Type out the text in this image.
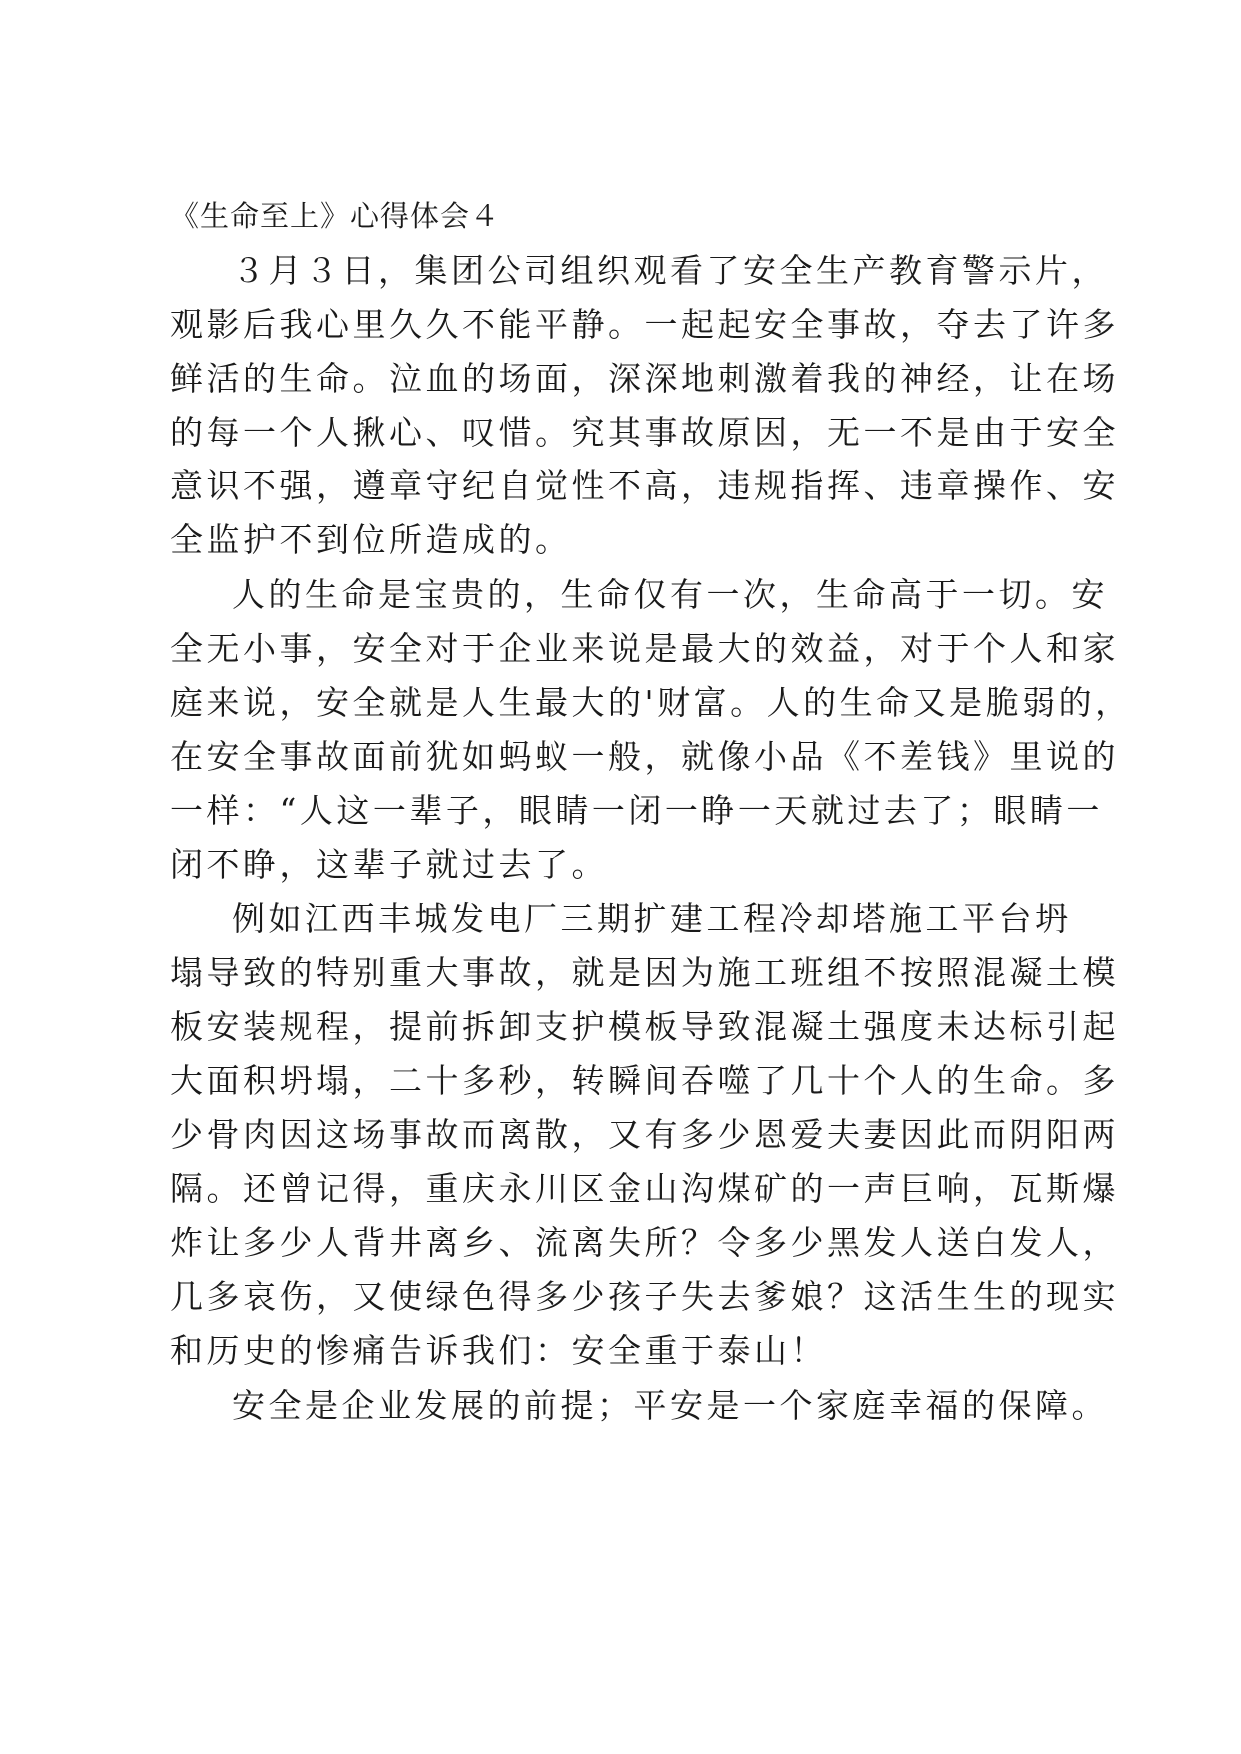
《生命至上》心得体会４
３月３日，集团公司组织观看了安全生产教育警示片，
观影后我心里久久不能平静。一起起安全事故，夺去了许多
鲜活的生命。泣血的场面，深深地刺激着我的神经，让在场
的每一个人揪心、叹惜。究其事故原因，无一不是由于安全
意识不强，遵章守纪自觉性不高，违规指挥、违章操作、安
全监护不到位所造成的。
人的生命是宝贵的，生命仅有一次，生命高于一切。安
全无小事，安全对于企业来说是最大的效益，对于个人和家
庭来说，安全就是人生最大的'财富。人的生命又是脆弱的，
在安全事故面前犹如蚂蚁一般，就像小品《不差钱》里说的
一样：“人这一辈子，眼睛一闭一睁一天就过去了；眼睛一
闭不睁，这辈子就过去了。
例如江西丰城发电厂三期扩建工程冷却塔施工平台坍
塌导致的特别重大事故，就是因为施工班组不按照混凝土模
板安装规程，提前拆卸支护模板导致混凝土强度未达标引起
大面积坍塌，二十多秒，转瞬间吞噬了几十个人的生命。多
少骨肉因这场事故而离散，又有多少恩爱夫妻因此而阴阳两
隔。还曾记得，重庆永川区金山沟煤矿的一声巨响，瓦斯爆
炸让多少人背井离乡、流离失所？令多少黑发人送白发人，
几多哀伤，又使绿色得多少孩子失去爹娘？这活生生的现实
和历史的惨痛告诉我们：安全重于泰山！
安全是企业发展的前提；平安是一个家庭幸福的保障。
